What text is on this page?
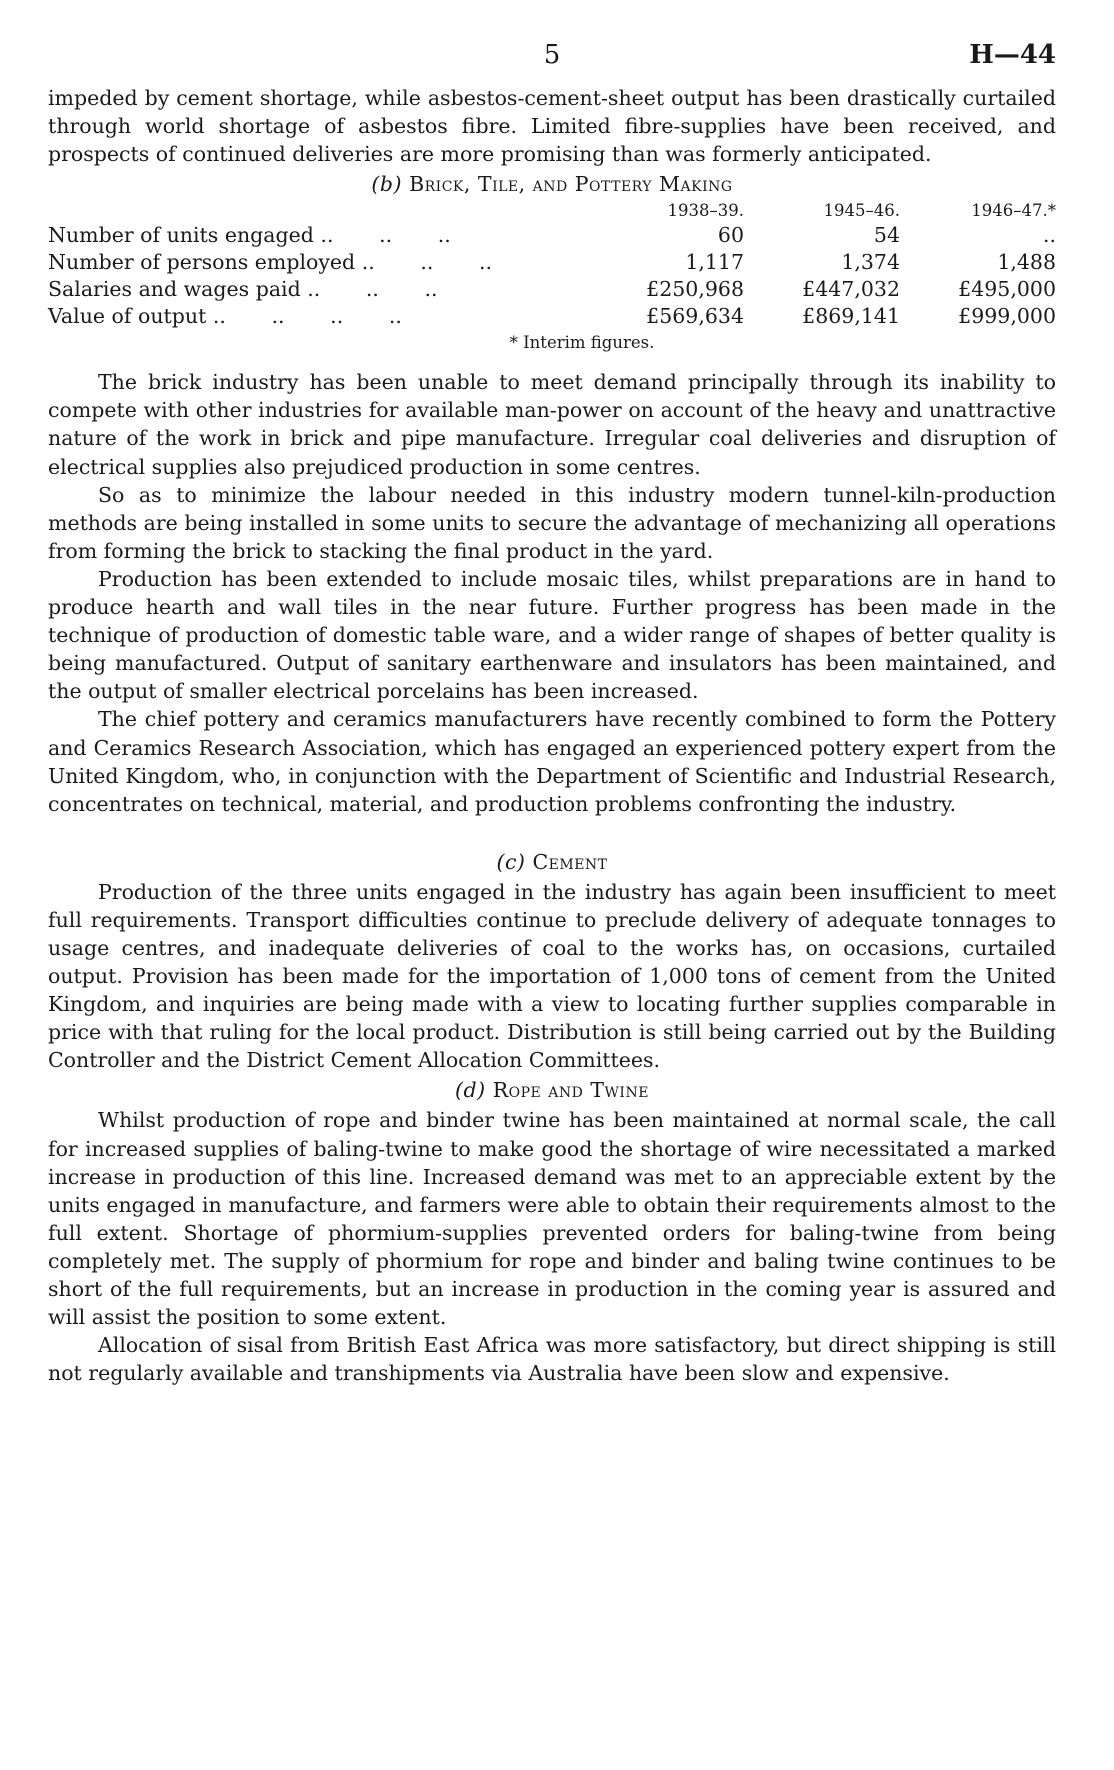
5	H—44

impeded by cement shortage, while asbestos-cement-sheet output has been drastically curtailed through world shortage of asbestos fibre. Limited fibre-supplies have been received, and prospects of continued deliveries are more promising than was formerly anticipated.

(b) Brick, Tile, and Pottery Making
	1938–39.	1945–46.	1946–47.*
Number of units engaged ..       ..       ..	60	54	..
Number of persons employed ..       ..       ..	1,117	1,374	1,488
Salaries and wages paid ..       ..       ..	£250,968	£447,032	£495,000
Value of output ..       ..       ..       ..	£569,634	£869,141	£999,000
* Interim figures.

The brick industry has been unable to meet demand principally through its inability to compete with other industries for available man-power on account of the heavy and unattractive nature of the work in brick and pipe manufacture. Irregular coal deliveries and disruption of electrical supplies also prejudiced production in some centres.

So as to minimize the labour needed in this industry modern tunnel-kiln-production methods are being installed in some units to secure the advantage of mechanizing all operations from forming the brick to stacking the final product in the yard.

Production has been extended to include mosaic tiles, whilst preparations are in hand to produce hearth and wall tiles in the near future. Further progress has been made in the technique of production of domestic table ware, and a wider range of shapes of better quality is being manufactured. Output of sanitary earthenware and insulators has been maintained, and the output of smaller electrical porcelains has been increased.

The chief pottery and ceramics manufacturers have recently combined to form the Pottery and Ceramics Research Association, which has engaged an experienced pottery expert from the United Kingdom, who, in conjunction with the Department of Scientific and Industrial Research, concentrates on technical, material, and production problems confronting the industry.

(c) Cement

Production of the three units engaged in the industry has again been insufficient to meet full requirements. Transport difficulties continue to preclude delivery of adequate tonnages to usage centres, and inadequate deliveries of coal to the works has, on occasions, curtailed output. Provision has been made for the importation of 1,000 tons of cement from the United Kingdom, and inquiries are being made with a view to locating further supplies comparable in price with that ruling for the local product. Distribution is still being carried out by the Building Controller and the District Cement Allocation Committees.

(d) Rope and Twine

Whilst production of rope and binder twine has been maintained at normal scale, the call for increased supplies of baling-twine to make good the shortage of wire necessitated a marked increase in production of this line. Increased demand was met to an appreciable extent by the units engaged in manufacture, and farmers were able to obtain their requirements almost to the full extent. Shortage of phormium-supplies prevented orders for baling-twine from being completely met. The supply of phormium for rope and binder and baling twine continues to be short of the full requirements, but an increase in production in the coming year is assured and will assist the position to some extent.

Allocation of sisal from British East Africa was more satisfactory, but direct shipping is still not regularly available and transhipments via Australia have been slow and expensive.
